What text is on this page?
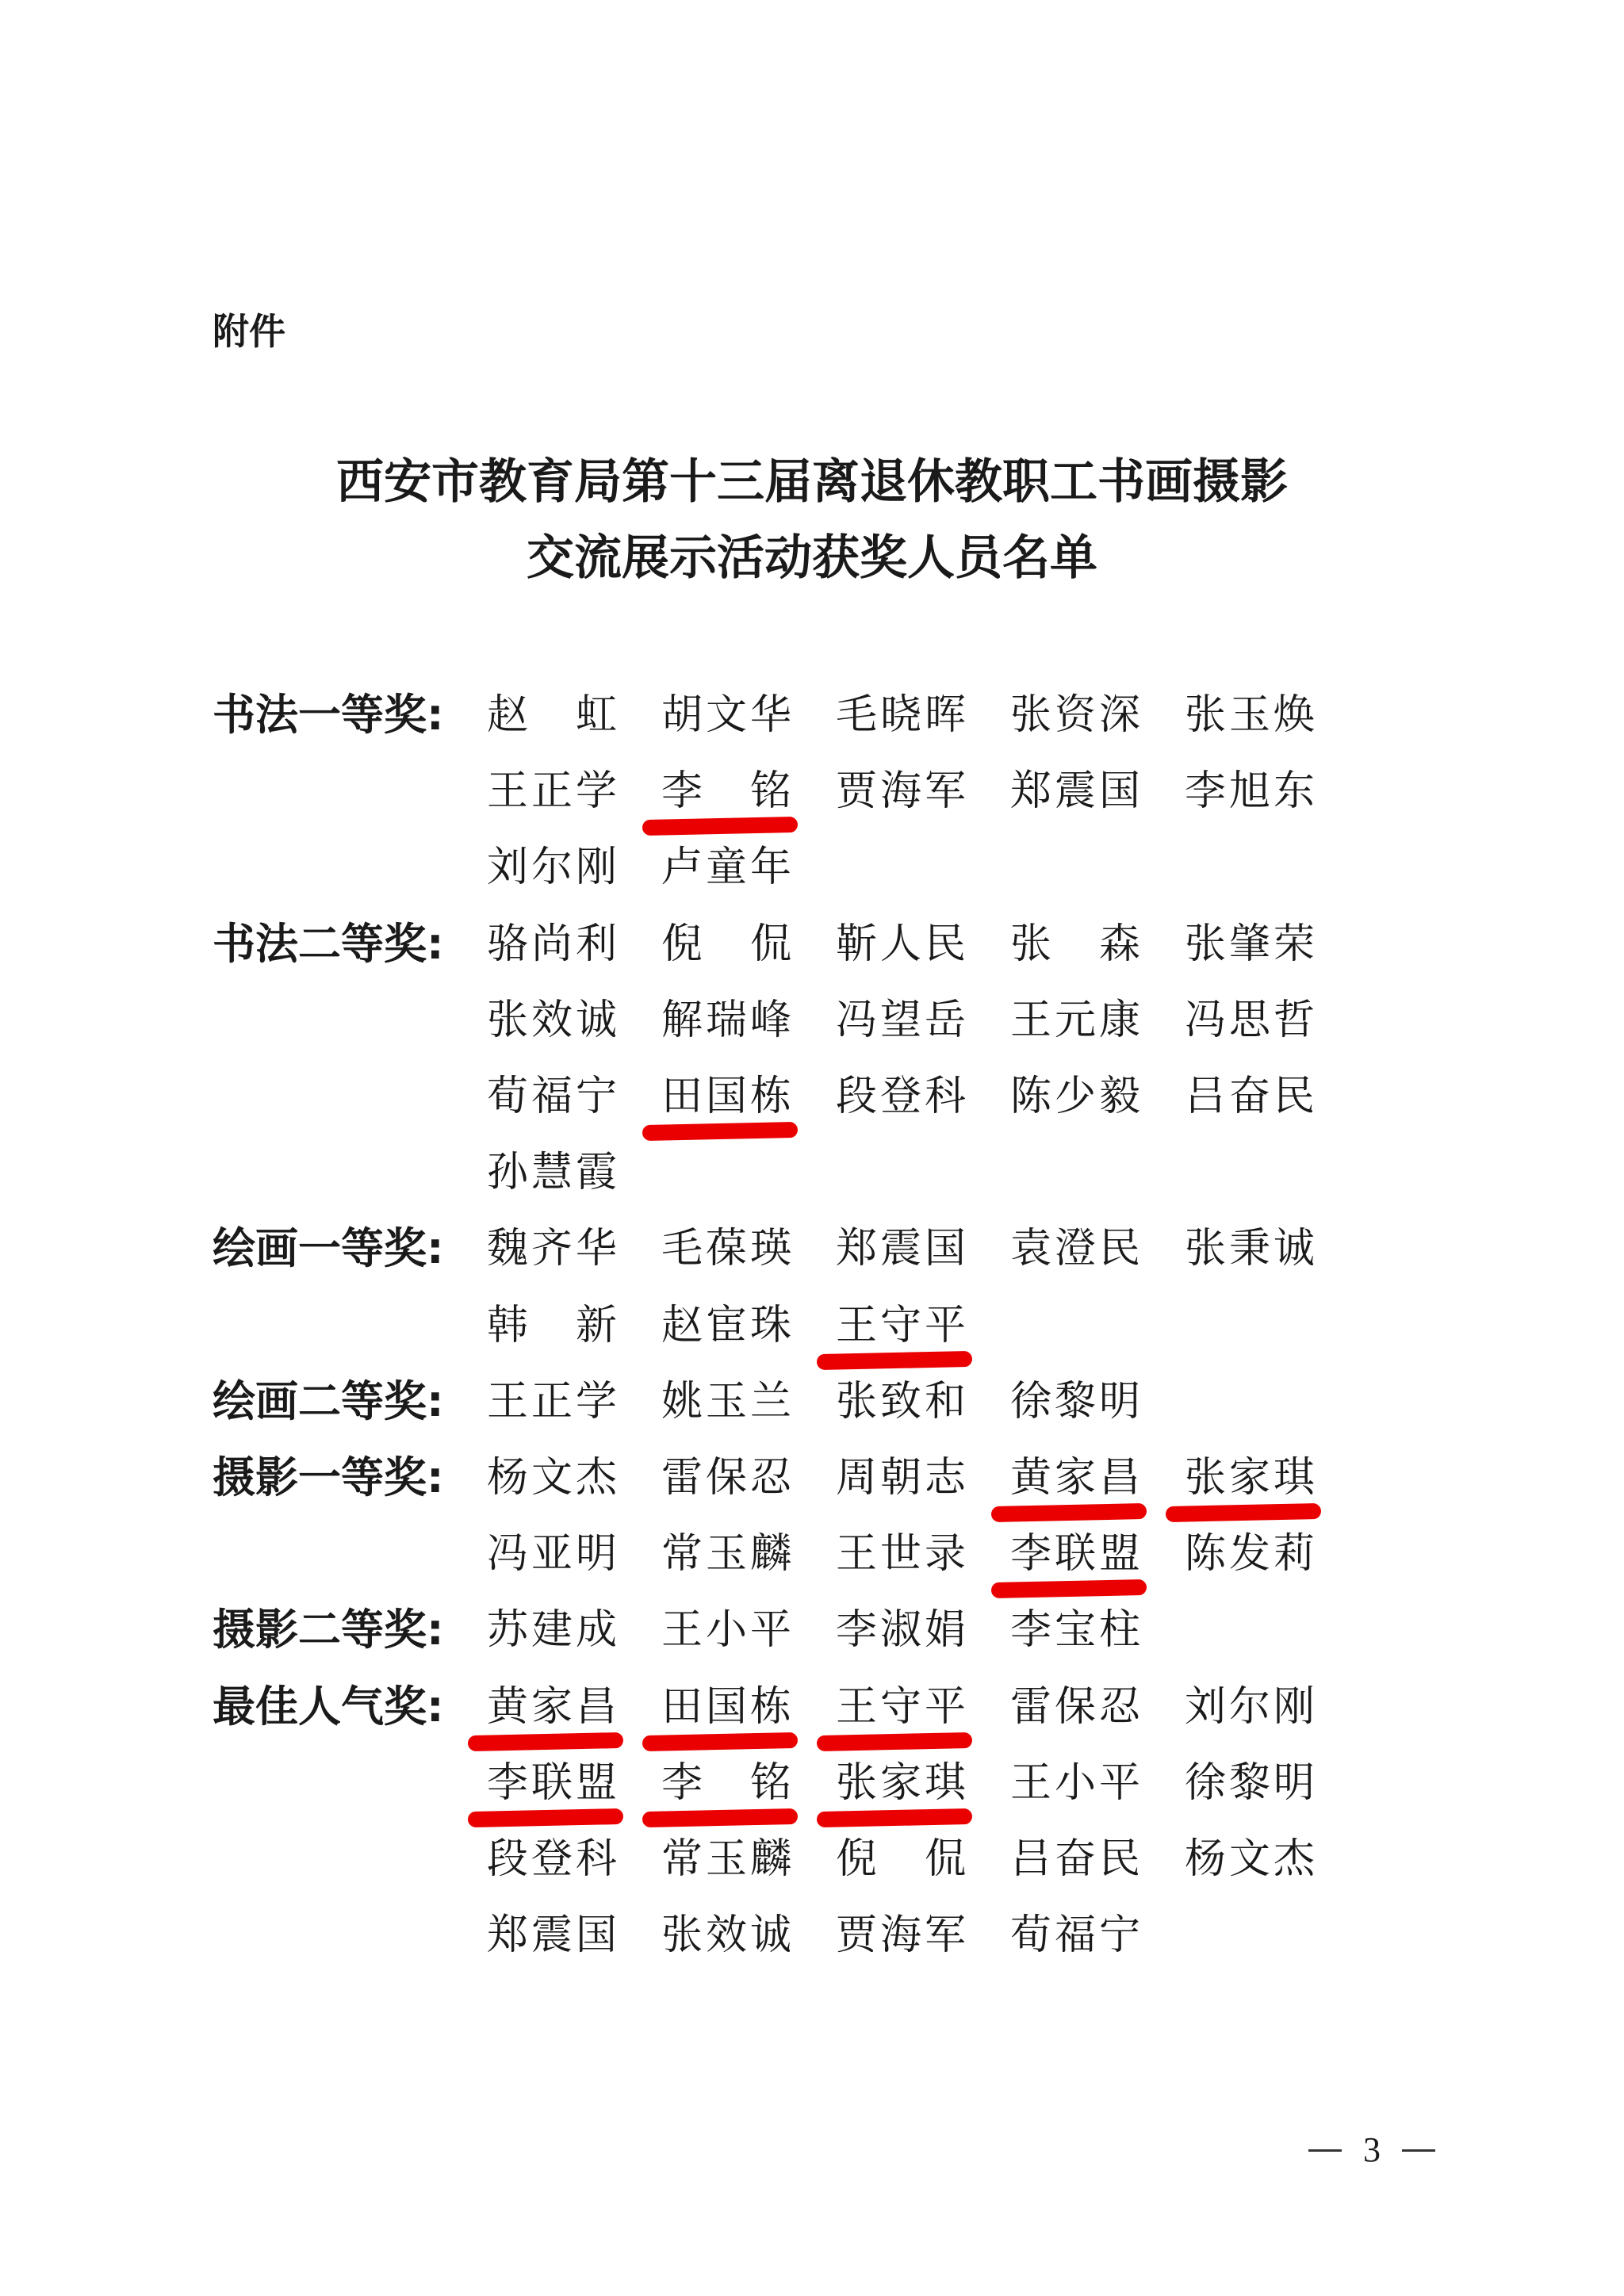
附件
西安市教育局第十三届离退休教职工书画摄影
交流展示活动获奖人员名单
书法一等奖:	赵　虹 胡文华 毛晓晖 张资深 张玉焕
王正学 李　铭 贾海军 郑震国 李旭东
刘尔刚 卢童年
书法二等奖:	骆尚利 倪　侃 靳人民 张　森 张肇荣
张效诚 解瑞峰 冯望岳 王元康 冯思哲
荀福宁 田国栋 段登科 陈少毅 吕奋民
孙慧霞
绘画一等奖:	魏齐华 毛葆瑛 郑震国 袁澄民 张秉诚
韩　新 赵宦珠 王守平
绘画二等奖:	王正学 姚玉兰 张致和 徐黎明
摄影一等奖:	杨文杰 雷保忍 周朝志 黄家昌 张家琪
冯亚明 常玉麟 王世录 李联盟 陈发莉
摄影二等奖:	苏建成 王小平 李淑娟 李宝柱
最佳人气奖:	黄家昌 田国栋 王守平 雷保忍 刘尔刚
李联盟 李　铭 张家琪 王小平 徐黎明
段登科 常玉麟 倪　侃 吕奋民 杨文杰
郑震国 张效诚 贾海军 荀福宁
3
